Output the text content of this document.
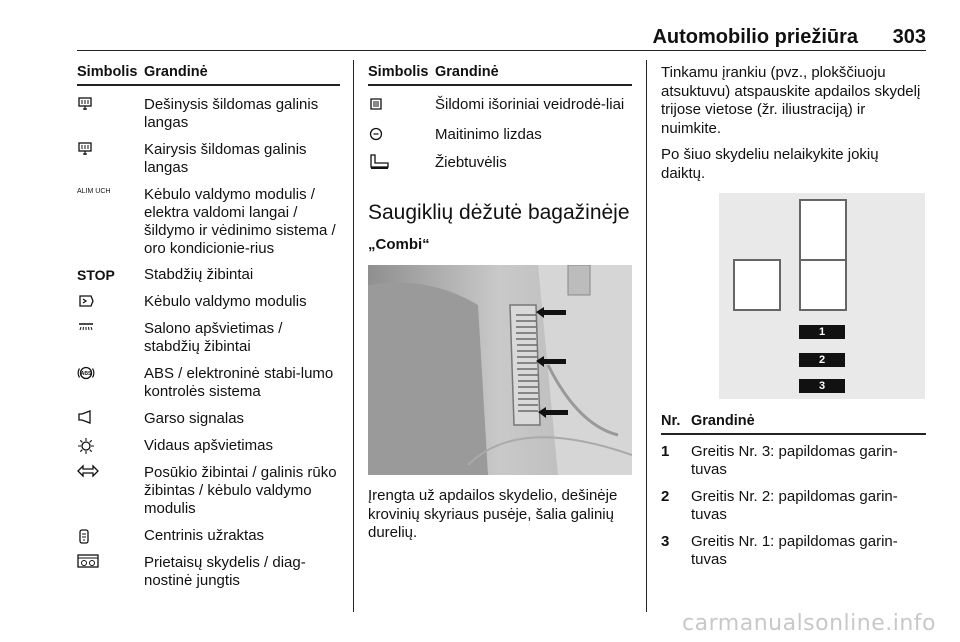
Automobilio priežiūra 303
Simbolis Grandinė
Dešinysis šildomas galinis langas
Kairysis šildomas galinis langas
ALIM UCH	Kėbulo valdymo modulis / elektra valdomi langai / šildymo ir vėdinimo sistema / oro kondicionie-rius
STOP	Stabdžių žibintai
Kėbulo valdymo modulis
Salono apšvietimas / stabdžių žibintai
ABS	ABS / elektroninė stabi-lumo kontrolės sistema
Garso signalas
Vidaus apšvietimas
Posūkio žibintai / galinis rūko žibintas / kėbulo valdymo modulis
Centrinis užraktas
Prietaisų skydelis / diag-nostinė jungtis
Simbolis Grandinė
Šildomi išoriniai veidrodė-liai
Maitinimo lizdas
Žiebtuvėlis
Saugiklių dėžutė bagažinėje
„Combi“

Įrengta už apdailos skydelio, dešinėje krovinių skyriaus pusėje, šalia galinių durelių.

Tinkamu įrankiu (pvz., plokščiuoju atsuktuvu) atspauskite apdailos skydelį trijose vietose (žr. iliustraciją) ir nuimkite.

Po šiuo skydeliu nelaikykite jokių daiktų.

1
2
3
Nr. Grandinė
1	Greitis Nr. 3: papildomas garin-tuvas
2	Greitis Nr. 2: papildomas garin-tuvas
3	Greitis Nr. 1: papildomas garin-tuvas
carmanualsonline.info
